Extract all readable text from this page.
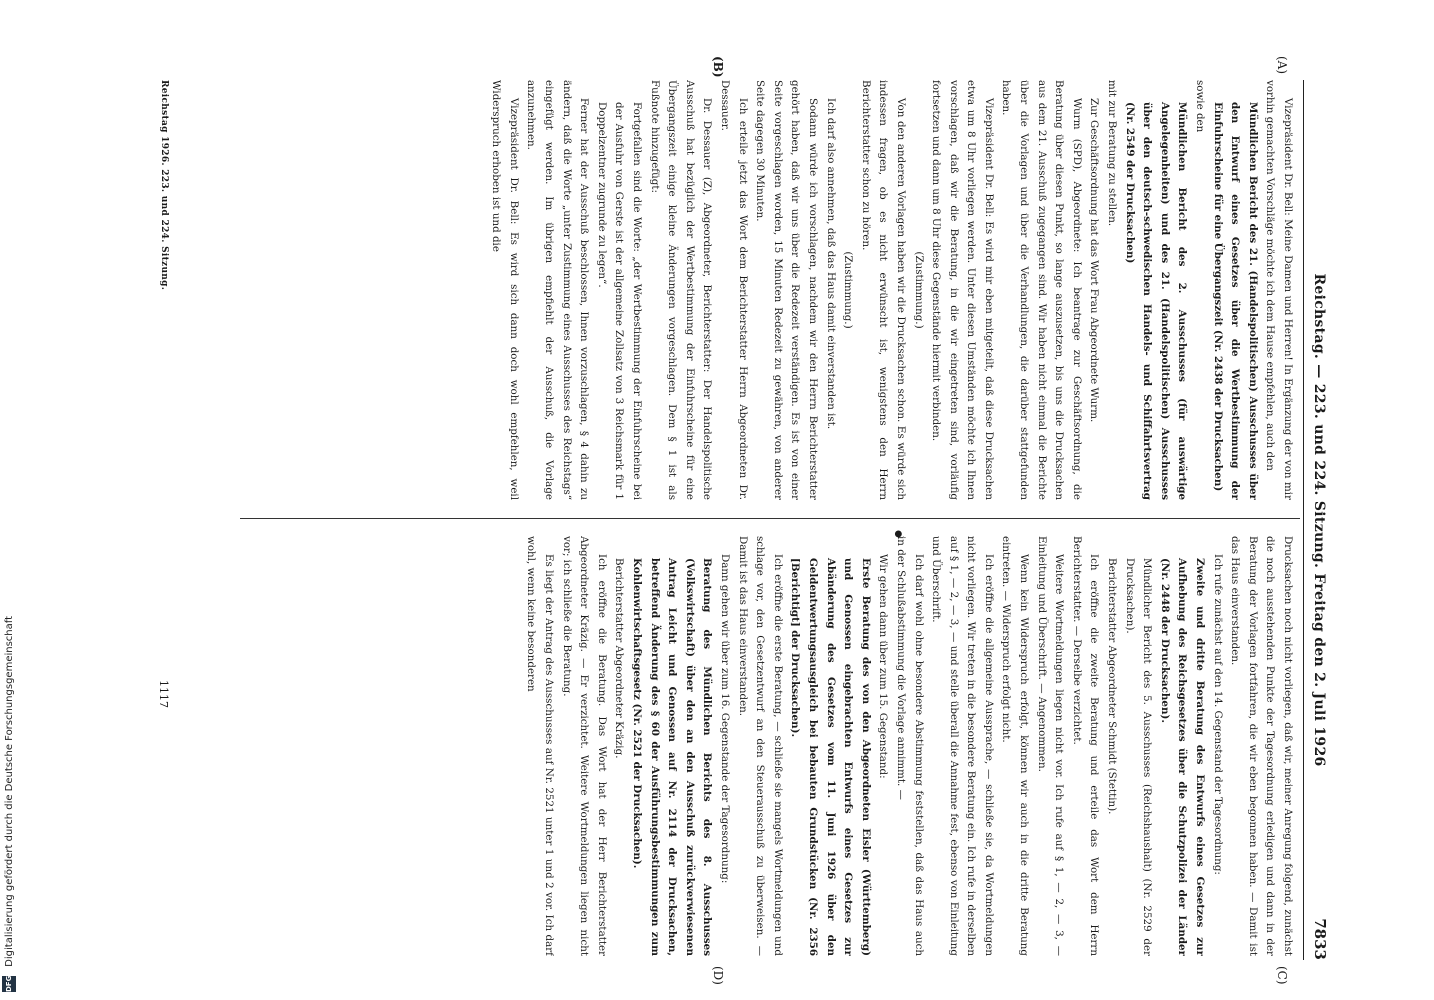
DFG Digitalisierung gefördert durch die Deutsche Forschungsgemeinschaft
Reichstag. — 223. und 224. Sitzung. Freitag den 2. Juli 1926
7833
(A)
(B)
(C)
(D)
●

Vizepräsident Dr. Bell: Meine Damen und Herren! In Ergänzung der von mir vorhin gemachten Vorschläge möchte ich dem Hause empfehlen, auch den

Mündlichen Bericht des 21. (Handelspolitischen) Ausschusses über den Entwurf eines Gesetzes über die Wertbestimmung der Einfuhrscheine für eine Übergangszeit (Nr. 2438 der Drucksachen)

sowie den

Mündlichen Bericht des 2. Ausschusses (für auswärtige Angelegenheiten) und des 21. (Handelspolitischen) Ausschusses über den deutsch-schwedischen Handels- und Schiffahrtsvertrag (Nr. 2549 der Drucksachen)

mit zur Beratung zu stellen.

Zur Geschäftsordnung hat das Wort Frau Abgeordnete Wurm.

Wurm (SPD), Abgeordnete: Ich beantrage zur Geschäftsordnung, die Beratung über diesen Punkt, so lange auszusetzen, bis uns die Drucksachen aus dem 21. Ausschuß zugegangen sind. Wir haben nicht einmal die Berichte über die Vorlagen und über die Verhandlungen, die darüber stattgefunden haben.

Vizepräsident Dr. Bell: Es wird mir eben mitgeteilt, daß diese Drucksachen etwa um 8 Uhr vorliegen werden. Unter diesen Umständen möchte ich Ihnen vorschlagen, daß wir die Beratung, in die wir eingetreten sind, vorläufig fortsetzen und dann um 8 Uhr diese Gegenstände hiermit verbinden.

(Zustimmung.)

Von den anderen Vorlagen haben wir die Drucksachen schon. Es würde sich indessen fragen, ob es nicht erwünscht ist, wenigstens den Herrn Berichterstatter schon zu hören.

(Zustimmung.)

Ich darf also annehmen, daß das Haus damit einverstanden ist.

Sodann würde ich vorschlagen, nachdem wir den Herrn Berichterstatter gehört haben, daß wir uns über die Redezeit verständigen. Es ist von einer Seite vorgeschlagen worden, 15 Minuten Redezeit zu gewähren, von anderer Seite dagegen 30 Minuten.

Ich erteile jetzt das Wort dem Berichterstatter Herrn Abgeordneten Dr. Dessauer.

Dr. Dessauer (Z), Abgeordneter, Berichterstatter: Der Handelspolitische Ausschuß hat bezüglich der Wertbestimmung der Einfuhrscheine für eine Übergangszeit einige kleine Änderungen vorgeschlagen. Dem § 1 ist als Fußnote hinzugefügt:

Fortgefallen sind die Worte: „der Wertbestimmung der Einfuhrscheine bei der Ausfuhr von Gerste ist der allgemeine Zollsatz von 3 Reichsmark für 1 Doppelzentner zugrunde zu legen“.

Ferner hat der Ausschuß beschlossen, Ihnen vorzuschlagen, § 4 dahin zu ändern, daß die Worte „unter Zustimmung eines Ausschusses des Reichstags“ eingefügt werden. Im übrigen empfiehlt der Ausschuß, die Vorlage anzunehmen.

Vizepräsident Dr. Bell: Es wird sich dann doch wohl empfehlen, weil Widerspruch erhoben ist und die

Drucksachen noch nicht vorliegen, daß wir, meiner Anregung folgend, zunächst die noch ausstehenden Punkte der Tagesordnung erledigen und dann in der Beratung der Vorlagen fortfahren, die wir eben begonnen haben. — Damit ist das Haus einverstanden.

Ich rufe zunächst auf den 14. Gegenstand der Tagesordnung:

Zweite und dritte Beratung des Entwurfs eines Gesetzes zur Aufhebung des Reichsgesetzes über die Schutzpolizei der Länder (Nr. 2448 der Drucksachen).

Mündlicher Bericht des 5. Ausschusses (Reichshaushalt) (Nr. 2529 der Drucksachen).

Berichterstatter Abgeordneter Schmidt (Stettin).

Ich eröffne die zweite Beratung und erteile das Wort dem Herrn Berichterstatter. — Derselbe verzichtet.

Weitere Wortmeldungen liegen nicht vor. Ich rufe auf § 1, — 2, — 3, — Einleitung und Überschrift. — Angenommen.

Wenn kein Widerspruch erfolgt, können wir auch in die dritte Beratung eintreten. — Widerspruch erfolgt nicht.

Ich eröffne die allgemeine Aussprache, — schließe sie, da Wortmeldungen nicht vorliegen. Wir treten in die besondere Beratung ein. Ich rufe in derselben auf § 1, — 2, — 3, — und stelle überall die Annahme fest, ebenso von Einleitung und Überschrift.

Ich darf wohl ohne besondere Abstimmung feststellen, daß das Haus auch in der Schlußabstimmung die Vorlage annimmt. —

Wir gehen dann über zum 15. Gegenstand:

Erste Beratung des von den Abgeordneten Eisler (Württemberg) und Genossen eingebrachten Entwurfs eines Gesetzes zur Abänderung des Gesetzes vom 11. Juni 1926 über den Geldentwertungsausgleich bei bebauten Grundstücken (Nr. 2356 [Berichtigt] der Drucksachen).

Ich eröffne die erste Beratung, — schließe sie mangels Wortmeldungen und schlage vor, den Gesetzentwurf an den Steuerausschuß zu überweisen. — Damit ist das Haus einverstanden.

Dann gehen wir über zum 16. Gegenstande der Tagesordnung:

Beratung des Mündlichen Berichts des 8. Ausschusses (Volkswirtschaft) über den an den Ausschuß zurückverwiesenen Antrag Leicht und Genossen auf Nr. 2114 der Drucksachen, betreffend Änderung des § 60 der Ausführungsbestimmungen zum Kohlenwirtschaftsgesetz (Nr. 2521 der Drucksachen).

Berichterstatter Abgeordneter Kräzig.

Ich eröffne die Beratung. Das Wort hat der Herr Berichterstatter Abgeordneter Kräzig. — Er verzichtet. Weitere Wortmeldungen liegen nicht vor; ich schließe die Beratung.

Es liegt der Antrag des Ausschusses auf Nr. 2521 unter 1 und 2 vor. Ich darf wohl, wenn keine besonderen

Reichstag 1926. 223. und 224. Sitzung.
1117
